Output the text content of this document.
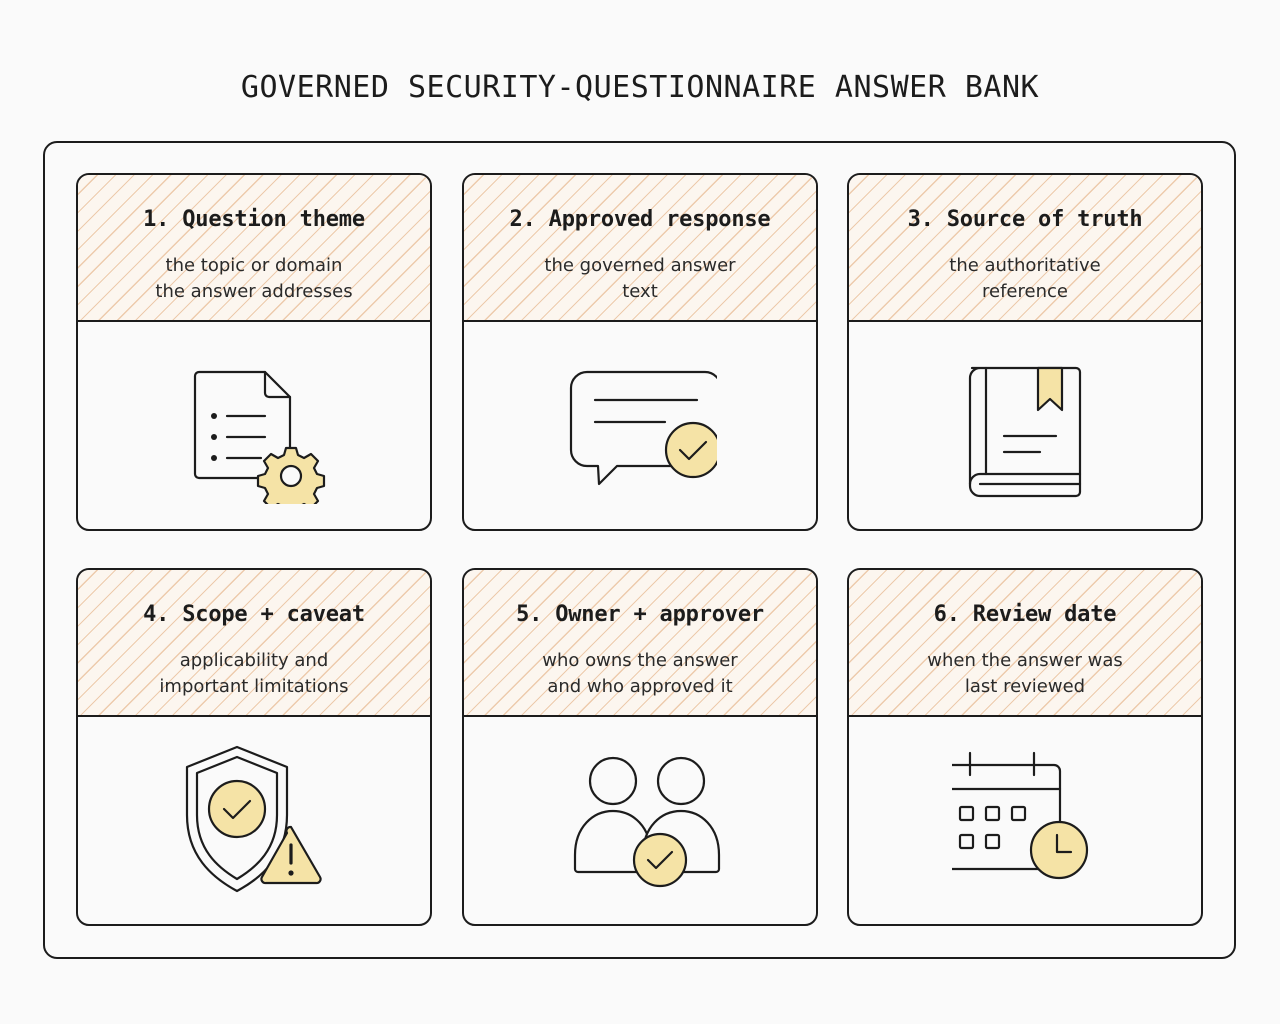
GOVERNED SECURITY-QUESTIONNAIRE ANSWER BANK
1. Question theme
the topic or domain
the answer addresses
2. Approved response
the governed answer
text
3. Source of truth
the authoritative
reference
4. Scope + caveat
applicability and
important limitations
5. Owner + approver
who owns the answer
and who approved it
6. Review date
when the answer was
last reviewed
